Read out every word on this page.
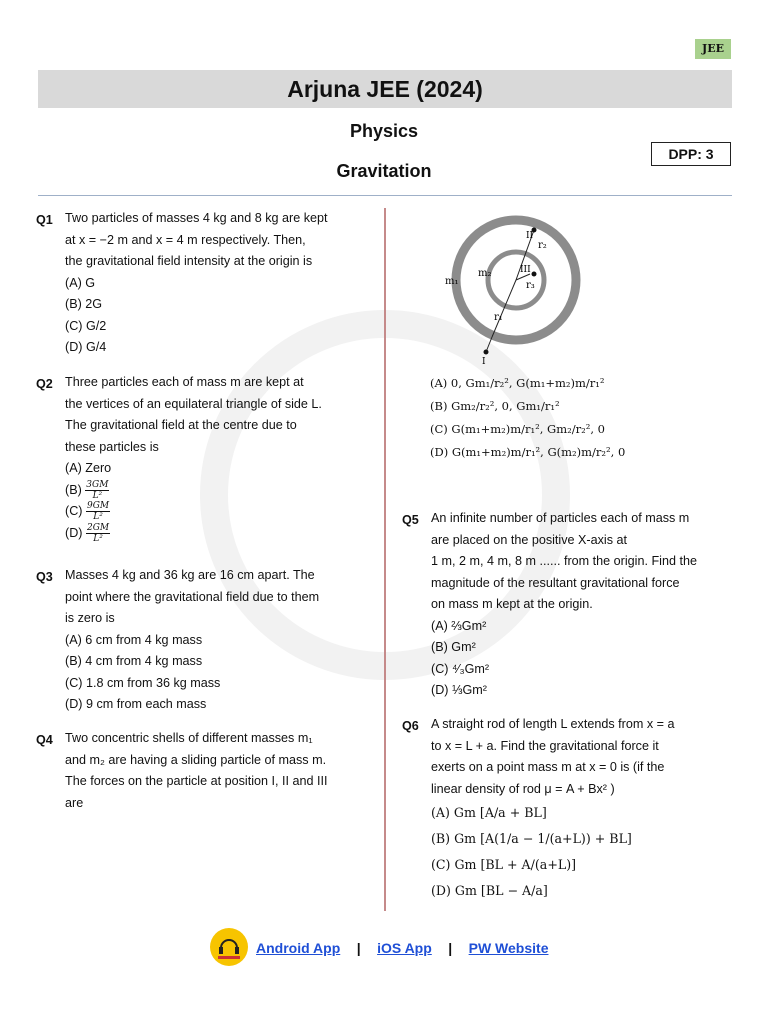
JEE
Arjuna JEE (2024)
Physics
Gravitation
DPP: 3
Q1 Two particles of masses 4 kg and 8 kg are kept
at x = −2 m and x = 4 m respectively. Then,
the gravitational field intensity at the origin is
(A) G
(B) 2G
(C) G/2
(D) G/4
Q2 Three particles each of mass m are kept at
the vertices of an equilateral triangle of side L.
The gravitational field at the centre due to
these particles is
(A) Zero
$(B) \frac{3GM}{\text{L²}}$
$(C) \frac{9GM}{\text{L²}}$
$(D) \frac{2GM}{\text{L²}}$
Q3 Masses 4 kg and 36 kg are 16 cm apart. The
point where the gravitational field due to them
is zero is
(A) 6 cm from 4 kg mass
(B) 4 cm from 4 kg mass
(C) 1.8 cm from 36 kg mass
(D) 9 cm from each mass
Q4 Two concentric shells of different masses m₁
and m₂ are having a sliding particle of mass m.
The forces on the particle at position I, II and III
are
m₁
m₂
r₁
r₂
r₃
II
III
I
(A) 0, Gm₁/r₂², G(m₁+m₂)m/r₁²
(B) Gm₂/r₂², 0, Gm₁/r₁²
(C) G(m₁+m₂)m/r₁², Gm₂/r₂², 0
(D) G(m₁+m₂)m/r₁², G(m₂)m/r₂², 0
Q5 An infinite number of particles each of mass m
are placed on the positive X-axis at
1 m, 2 m, 4 m, 8 m ...... from the origin. Find the
magnitude of the resultant gravitational force
on mass m kept at the origin.
(A) ⅔Gm²
(B) Gm²
(C) ⁴⁄₃Gm²
(D) ⅓Gm²
Q6 A straight rod of length L extends from x = a
to x = L + a. Find the gravitational force it
exerts on a point mass m at x = 0 is (if the
linear density of rod μ = A + Bx² )
(A) Gm [A/a + BL]
(B) Gm [A(1/a − 1/(a+L)) + BL]
(C) Gm [BL + A/(a+L)]
(D) Gm [BL − A/a]
Android App | iOS App | PW Website
